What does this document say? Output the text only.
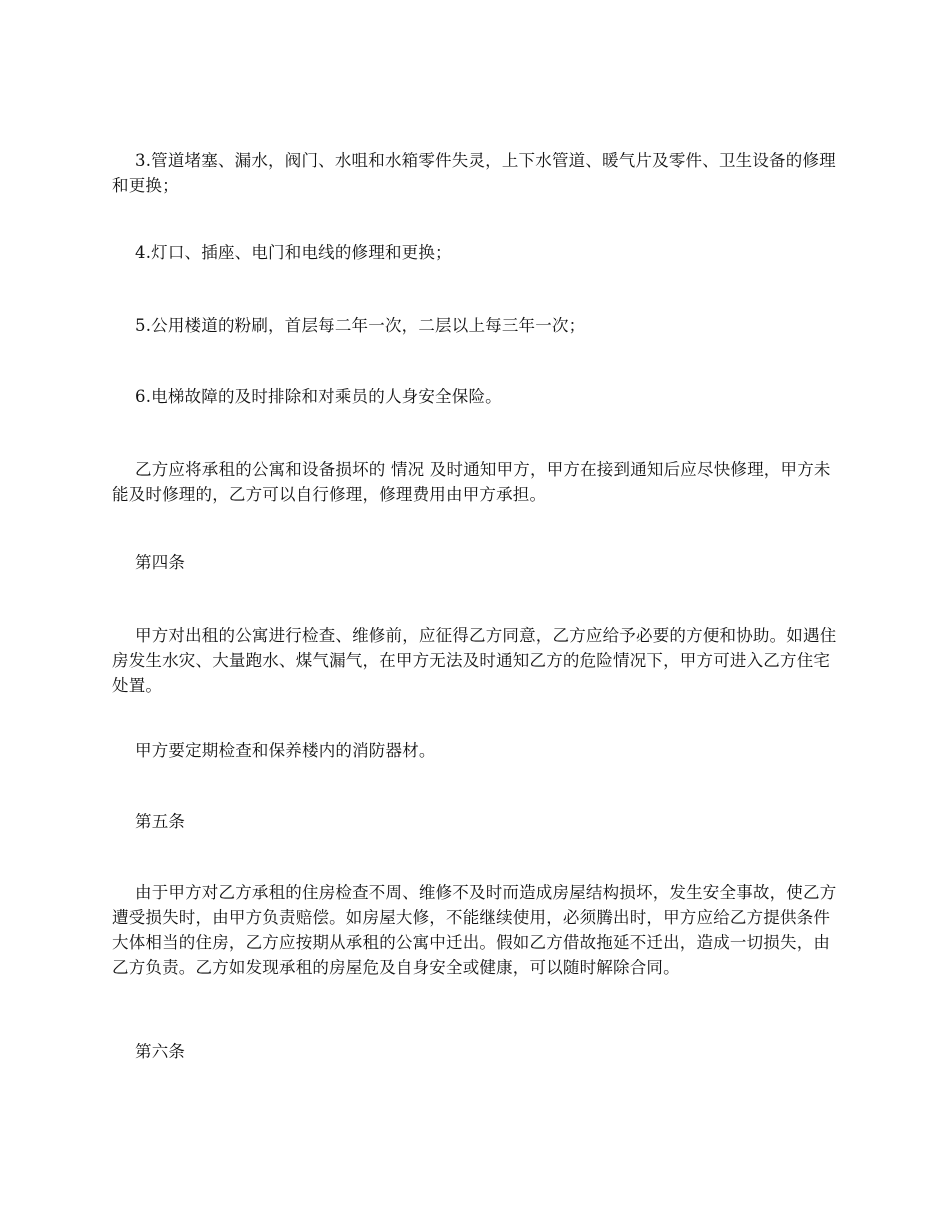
3.管道堵塞、漏水，阀门、水咀和水箱零件失灵，上下水管道、暖气片及零件、卫生设备的修理和更换；

4.灯口、插座、电门和电线的修理和更换；

5.公用楼道的粉刷，首层每二年一次，二层以上每三年一次；

6.电梯故障的及时排除和对乘员的人身安全保险。

乙方应将承租的公寓和设备损坏的 情况 及时通知甲方，甲方在接到通知后应尽快修理，甲方未能及时修理的，乙方可以自行修理，修理费用由甲方承担。

第四条

甲方对出租的公寓进行检查、维修前，应征得乙方同意，乙方应给予必要的方便和协助。如遇住房发生水灾、大量跑水、煤气漏气，在甲方无法及时通知乙方的危险情况下，甲方可进入乙方住宅处置。

甲方要定期检查和保养楼内的消防器材。

第五条

由于甲方对乙方承租的住房检查不周、维修不及时而造成房屋结构损坏，发生安全事故，使乙方遭受损失时，由甲方负责赔偿。如房屋大修，不能继续使用，必须腾出时，甲方应给乙方提供条件大体相当的住房，乙方应按期从承租的公寓中迁出。假如乙方借故拖延不迁出，造成一切损失，由乙方负责。乙方如发现承租的房屋危及自身安全或健康，可以随时解除合同。

第六条
